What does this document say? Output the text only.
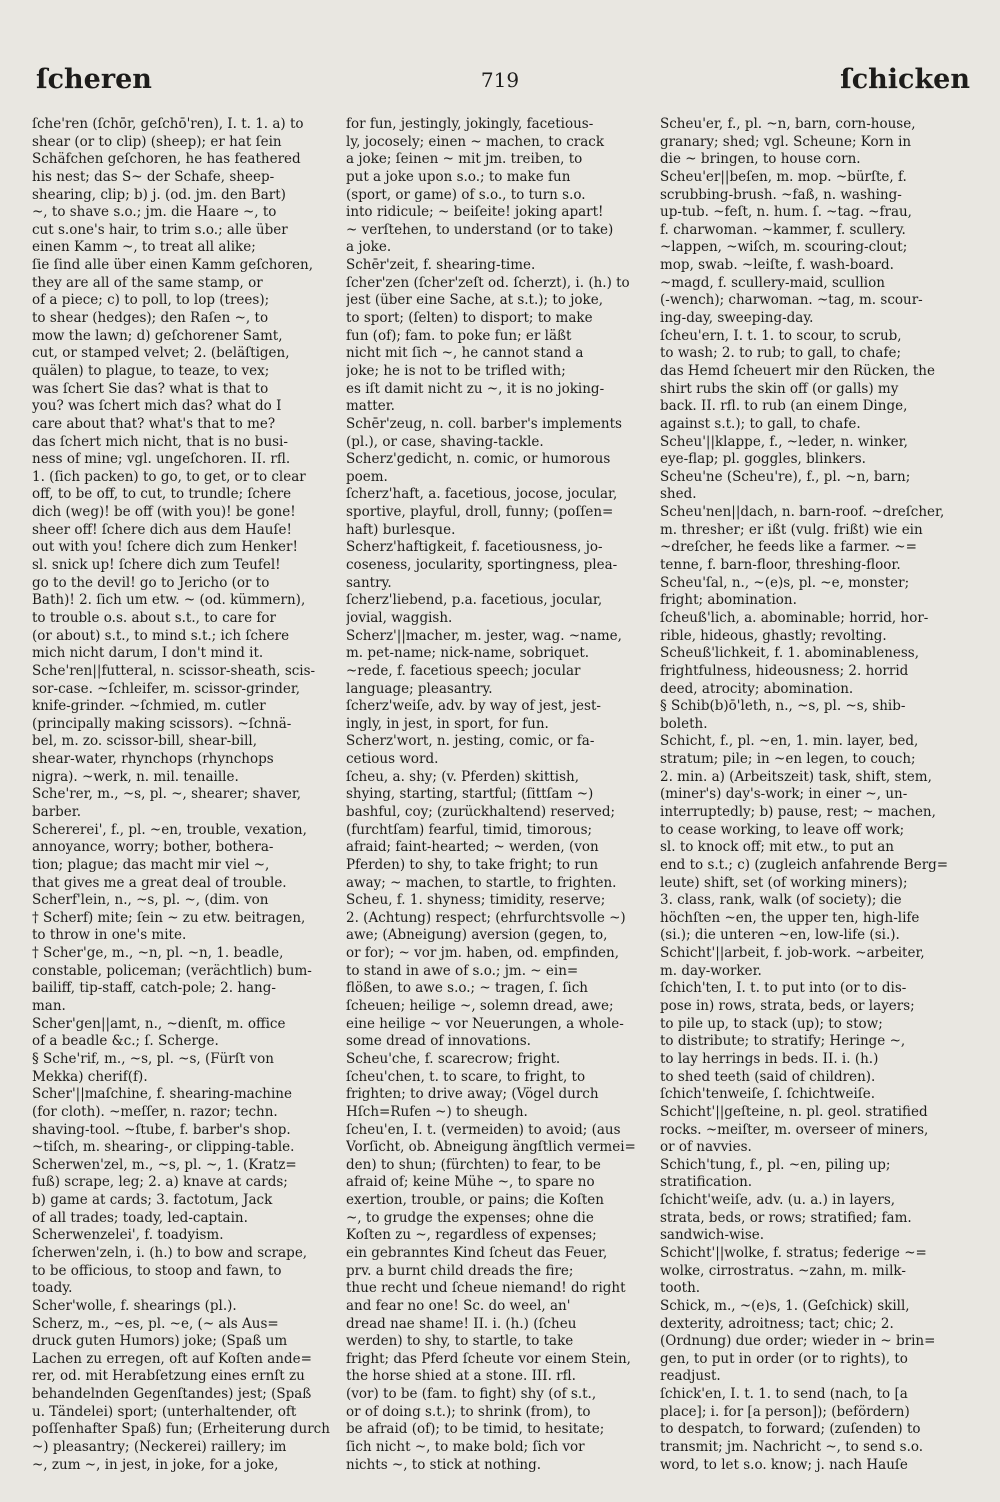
ſcheren	719	ſchicken
ſche'ren (ſchōr, geſchō'ren), I. t. 1. a) to
shear (or to clip) (sheep); er hat ſein
Schäfchen geſchoren, he has feathered
his nest; das S~ der Schafe, sheep-
shearing, clip; b) j. (od. jm. den Bart)
~, to shave s.o.; jm. die Haare ~, to
cut s.one's hair, to trim s.o.; alle über
einen Kamm ~, to treat all alike;
ſie ſind alle über einen Kamm geſchoren,
they are all of the same stamp, or
of a piece; c) to poll, to lop (trees);
to shear (hedges); den Raſen ~, to
mow the lawn; d) geſchorener Samt,
cut, or stamped velvet; 2. (beläſtigen,
quälen) to plague, to teaze, to vex;
was ſchert Sie das? what is that to
you? was ſchert mich das? what do I
care about that? what's that to me?
das ſchert mich nicht, that is no busi-
ness of mine; vgl. ungeſchoren. II. rfl.
1. (ſich packen) to go, to get, or to clear
off, to be off, to cut, to trundle; ſchere
dich (weg)! be off (with you)! be gone!
sheer off! ſchere dich aus dem Hauſe!
out with you! ſchere dich zum Henker!
sl. snick up! ſchere dich zum Teufel!
go to the devil! go to Jericho (or to
Bath)! 2. ſich um etw. ~ (od. kümmern),
to trouble o.s. about s.t., to care for
(or about) s.t., to mind s.t.; ich ſchere
mich nicht darum, I don't mind it.
Sche'ren||futteral, n. scissor-sheath, scis-
sor-case. ~ſchleifer, m. scissor-grinder,
knife-grinder. ~ſchmied, m. cutler
(principally making scissors). ~ſchnä-
bel, m. zo. scissor-bill, shear-bill,
shear-water, rhynchops (rhynchops
nigra). ~werk, n. mil. tenaille.
Sche'rer, m., ~s, pl. ~, shearer; shaver,
barber.
Schererei', f., pl. ~en, trouble, vexation,
annoyance, worry; bother, bothera-
tion; plague; das macht mir viel ~,
that gives me a great deal of trouble.
Scherf'lein, n., ~s, pl. ~, (dim. von
† Scherf) mite; ſein ~ zu etw. beitragen,
to throw in one's mite.
† Scher'ge, m., ~n, pl. ~n, 1. beadle,
constable, policeman; (verächtlich) bum-
bailiff, tip-staff, catch-pole; 2. hang-
man.
Scher'gen||amt, n., ~dienſt, m. office
of a beadle &c.; ſ. Scherge.
§ Sche'rif, m., ~s, pl. ~s, (Fürſt von
Mekka) cherif(f).
Scher'||maſchine, f. shearing-machine
(for cloth). ~meſſer, n. razor; techn.
shaving-tool. ~ſtube, f. barber's shop.
~tiſch, m. shearing-, or clipping-table.
Scherwen'zel, m., ~s, pl. ~, 1. (Kratz=
fuß) scrape, leg; 2. a) knave at cards;
b) game at cards; 3. factotum, Jack
of all trades; toady, led-captain.
Scherwenzelei', f. toadyism.
ſcherwen'zeln, i. (h.) to bow and scrape,
to be officious, to stoop and fawn, to
toady.
Scher'wolle, f. shearings (pl.).
Scherz, m., ~es, pl. ~e, (~ als Aus=
druck guten Humors) joke; (Spaß um
Lachen zu erregen, oft auf Koſten ande=
rer, od. mit Herabſetzung eines ernſt zu
behandelnden Gegenſtandes) jest; (Spaß
u. Tändelei) sport; (unterhaltender, oft
poſſenhafter Spaß) fun; (Erheiterung durch
~) pleasantry; (Neckerei) raillery; im
~, zum ~, in jest, in joke, for a joke,
for fun, jestingly, jokingly, facetious-
ly, jocosely; einen ~ machen, to crack
a joke; ſeinen ~ mit jm. treiben, to
put a joke upon s.o.; to make fun
(sport, or game) of s.o., to turn s.o.
into ridicule; ~ beiſeite! joking apart!
~ verſtehen, to understand (or to take)
a joke.
Schēr'zeit, f. shearing-time.
ſcher'zen (ſcher'zeſt od. ſcherzt), i. (h.) to
jest (über eine Sache, at s.t.); to joke,
to sport; (ſelten) to disport; to make
fun (of); fam. to poke fun; er läßt
nicht mit ſich ~, he cannot stand a
joke; he is not to be trifled with;
es iſt damit nicht zu ~, it is no joking-
matter.
Schēr'zeug, n. coll. barber's implements
(pl.), or case, shaving-tackle.
Scherz'gedicht, n. comic, or humorous
poem.
ſcherz'haft, a. facetious, jocose, jocular,
sportive, playful, droll, funny; (poſſen=
haft) burlesque.
Scherz'haftigkeit, f. facetiousness, jo-
coseness, jocularity, sportingness, plea-
santry.
ſcherz'liebend, p.a. facetious, jocular,
jovial, waggish.
Scherz'||macher, m. jester, wag. ~name,
m. pet-name; nick-name, sobriquet.
~rede, f. facetious speech; jocular
language; pleasantry.
ſcherz'weiſe, adv. by way of jest, jest-
ingly, in jest, in sport, for fun.
Scherz'wort, n. jesting, comic, or fa-
cetious word.
ſcheu, a. shy; (v. Pferden) skittish,
shying, starting, startful; (ſittſam ~)
bashful, coy; (zurückhaltend) reserved;
(furchtſam) fearful, timid, timorous;
afraid; faint-hearted; ~ werden, (von
Pferden) to shy, to take fright; to run
away; ~ machen, to startle, to frighten.
Scheu, f. 1. shyness; timidity, reserve;
2. (Achtung) respect; (ehrfurchtsvolle ~)
awe; (Abneigung) aversion (gegen, to,
or for); ~ vor jm. haben, od. empfinden,
to stand in awe of s.o.; jm. ~ ein=
flößen, to awe s.o.; ~ tragen, ſ. ſich
ſcheuen; heilige ~, solemn dread, awe;
eine heilige ~ vor Neuerungen, a whole-
some dread of innovations.
Scheu'che, f. scarecrow; fright.
ſcheu'chen, t. to scare, to fright, to
frighten; to drive away; (Vögel durch
Hſch=Rufen ~) to sheugh.
ſcheu'en, I. t. (vermeiden) to avoid; (aus
Vorſicht, ob. Abneigung ängſtlich vermei=
den) to shun; (fürchten) to fear, to be
afraid of; keine Mühe ~, to spare no
exertion, trouble, or pains; die Koſten
~, to grudge the expenses; ohne die
Koſten zu ~, regardless of expenses;
ein gebranntes Kind ſcheut das Feuer,
prv. a burnt child dreads the fire;
thue recht und ſcheue niemand! do right
and fear no one! Sc. do weel, an'
dread nae shame! II. i. (h.) (ſcheu
werden) to shy, to startle, to take
fright; das Pferd ſcheute vor einem Stein,
the horse shied at a stone. III. rfl.
(vor) to be (fam. to fight) shy (of s.t.,
or of doing s.t.); to shrink (from), to
be afraid (of); to be timid, to hesitate;
ſich nicht ~, to make bold; ſich vor
nichts ~, to stick at nothing.
Scheu'er, f., pl. ~n, barn, corn-house,
granary; shed; vgl. Scheune; Korn in
die ~ bringen, to house corn.
Scheu'er||beſen, m. mop. ~bürſte, f.
scrubbing-brush. ~faß, n. washing-
up-tub. ~feſt, n. hum. ſ. ~tag. ~frau,
f. charwoman. ~kammer, f. scullery.
~lappen, ~wiſch, m. scouring-clout;
mop, swab. ~leiſte, f. wash-board.
~magd, f. scullery-maid, scullion
(-wench); charwoman. ~tag, m. scour-
ing-day, sweeping-day.
ſcheu'ern, I. t. 1. to scour, to scrub,
to wash; 2. to rub; to gall, to chafe;
das Hemd ſcheuert mir den Rücken, the
shirt rubs the skin off (or galls) my
back. II. rfl. to rub (an einem Dinge,
against s.t.); to gall, to chafe.
Scheu'||klappe, f., ~leder, n. winker,
eye-flap; pl. goggles, blinkers.
Scheu'ne (Scheu're), f., pl. ~n, barn;
shed.
Scheu'nen||dach, n. barn-roof. ~dreſcher,
m. thresher; er ißt (vulg. frißt) wie ein
~dreſcher, he feeds like a farmer. ~=
tenne, f. barn-floor, threshing-floor.
Scheu'ſal, n., ~(e)s, pl. ~e, monster;
fright; abomination.
ſcheuß'lich, a. abominable; horrid, hor-
rible, hideous, ghastly; revolting.
Scheuß'lichkeit, f. 1. abominableness,
frightfulness, hideousness; 2. horrid
deed, atrocity; abomination.
§ Schib(b)ō'leth, n., ~s, pl. ~s, shib-
boleth.
Schicht, f., pl. ~en, 1. min. layer, bed,
stratum; pile; in ~en legen, to couch;
2. min. a) (Arbeitszeit) task, shift, stem,
(miner's) day's-work; in einer ~, un-
interruptedly; b) pause, rest; ~ machen,
to cease working, to leave off work;
sl. to knock off; mit etw., to put an
end to s.t.; c) (zugleich anfahrende Berg=
leute) shift, set (of working miners);
3. class, rank, walk (of society); die
höchſten ~en, the upper ten, high-life
(si.); die unteren ~en, low-life (si.).
Schicht'||arbeit, f. job-work. ~arbeiter,
m. day-worker.
ſchich'ten, I. t. to put into (or to dis-
pose in) rows, strata, beds, or layers;
to pile up, to stack (up); to stow;
to distribute; to stratify; Heringe ~,
to lay herrings in beds. II. i. (h.)
to shed teeth (said of children).
ſchich'tenweiſe, ſ. ſchichtweiſe.
Schicht'||geſteine, n. pl. geol. stratified
rocks. ~meiſter, m. overseer of miners,
or of navvies.
Schich'tung, f., pl. ~en, piling up;
stratification.
ſchicht'weiſe, adv. (u. a.) in layers,
strata, beds, or rows; stratified; fam.
sandwich-wise.
Schicht'||wolke, f. stratus; federige ~=
wolke, cirrostratus. ~zahn, m. milk-
tooth.
Schick, m., ~(e)s, 1. (Geſchick) skill,
dexterity, adroitness; tact; chic; 2.
(Ordnung) due order; wieder in ~ brin=
gen, to put in order (or to rights), to
readjust.
ſchick'en, I. t. 1. to send (nach, to [a
place]; i. for [a person]); (befördern)
to despatch, to forward; (zuſenden) to
transmit; jm. Nachricht ~, to send s.o.
word, to let s.o. know; j. nach Hauſe
